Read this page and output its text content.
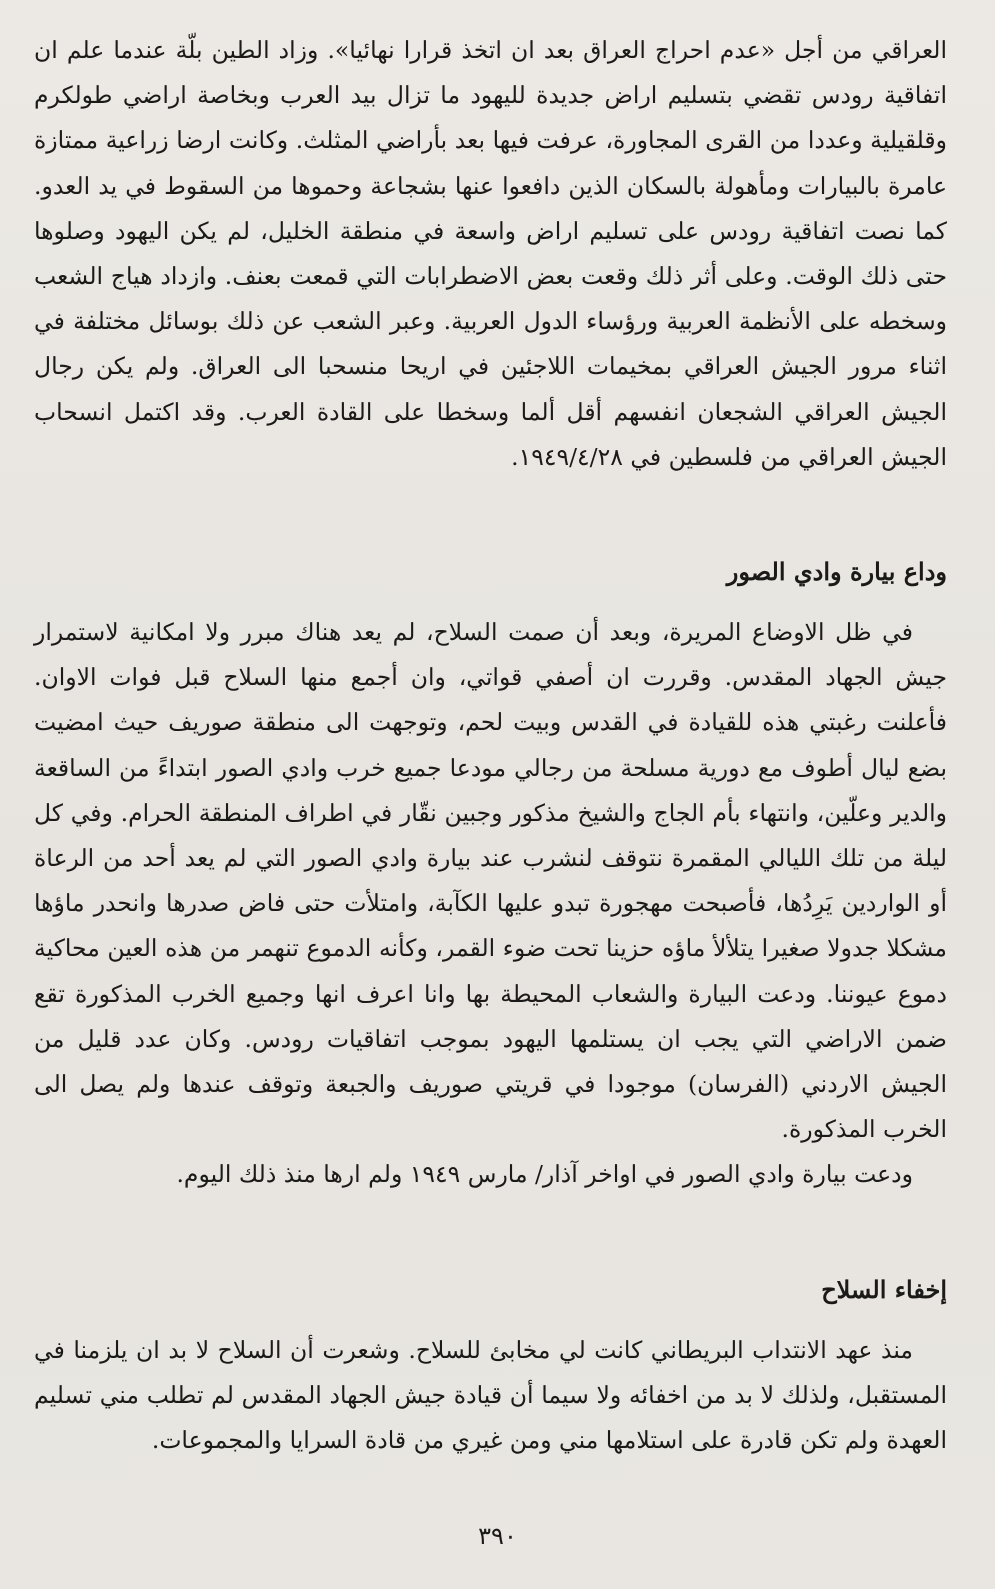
العراقي من أجل «عدم احراج العراق بعد ان اتخذ قرارا نهائيا». وزاد الطين بلّة عندما علم ان اتفاقية رودس تقضي بتسليم اراض جديدة لليهود ما تزال بيد العرب وبخاصة اراضي طولكرم وقلقيلية وعددا من القرى المجاورة، عرفت فيها بعد بأراضي المثلث. وكانت ارضا زراعية ممتازة عامرة بالبيارات ومأهولة بالسكان الذين دافعوا عنها بشجاعة وحموها من السقوط في يد العدو. كما نصت اتفاقية رودس على تسليم اراض واسعة في منطقة الخليل، لم يكن اليهود وصلوها حتى ذلك الوقت. وعلى أثر ذلك وقعت بعض الاضطرابات التي قمعت بعنف. وازداد هياج الشعب وسخطه على الأنظمة العربية ورؤساء الدول العربية. وعبر الشعب عن ذلك بوسائل مختلفة في اثناء مرور الجيش العراقي بمخيمات اللاجئين في اريحا منسحبا الى العراق. ولم يكن رجال الجيش العراقي الشجعان انفسهم أقل ألما وسخطا على القادة العرب. وقد اكتمل انسحاب الجيش العراقي من فلسطين في ١٩٤٩/٤/٢٨.

وداع بيارة وادي الصور

في ظل الاوضاع المريرة، وبعد أن صمت السلاح، لم يعد هناك مبرر ولا امكانية لاستمرار جيش الجهاد المقدس. وقررت ان أصفي قواتي، وان أجمع منها السلاح قبل فوات الاوان. فأعلنت رغبتي هذه للقيادة في القدس وبيت لحم، وتوجهت الى منطقة صوريف حيث امضيت بضع ليال أطوف مع دورية مسلحة من رجالي مودعا جميع خرب وادي الصور ابتداءً من الساقعة والدير وعلّين، وانتهاء بأم الجاج والشيخ مذكور وجبين نقّار في اطراف المنطقة الحرام. وفي كل ليلة من تلك الليالي المقمرة نتوقف لنشرب عند بيارة وادي الصور التي لم يعد أحد من الرعاة أو الواردين يَرِدُها، فأصبحت مهجورة تبدو عليها الكآبة، وامتلأت حتى فاض صدرها وانحدر ماؤها مشكلا جدولا صغيرا يتلألأ ماؤه حزينا تحت ضوء القمر، وكأنه الدموع تنهمر من هذه العين محاكية دموع عيوننا. ودعت البيارة والشعاب المحيطة بها وانا اعرف انها وجميع الخرب المذكورة تقع ضمن الاراضي التي يجب ان يستلمها اليهود بموجب اتفاقيات رودس. وكان عدد قليل من الجيش الاردني (الفرسان) موجودا في قريتي صوريف والجبعة وتوقف عندها ولم يصل الى الخرب المذكورة.

ودعت بيارة وادي الصور في اواخر آذار/ مارس ١٩٤٩ ولم ارها منذ ذلك اليوم.

إخفاء السلاح

منذ عهد الانتداب البريطاني كانت لي مخابئ للسلاح. وشعرت أن السلاح لا بد ان يلزمنا في المستقبل، ولذلك لا بد من اخفائه ولا سيما أن قيادة جيش الجهاد المقدس لم تطلب مني تسليم العهدة ولم تكن قادرة على استلامها مني ومن غيري من قادة السرايا والمجموعات.

٣٩٠
